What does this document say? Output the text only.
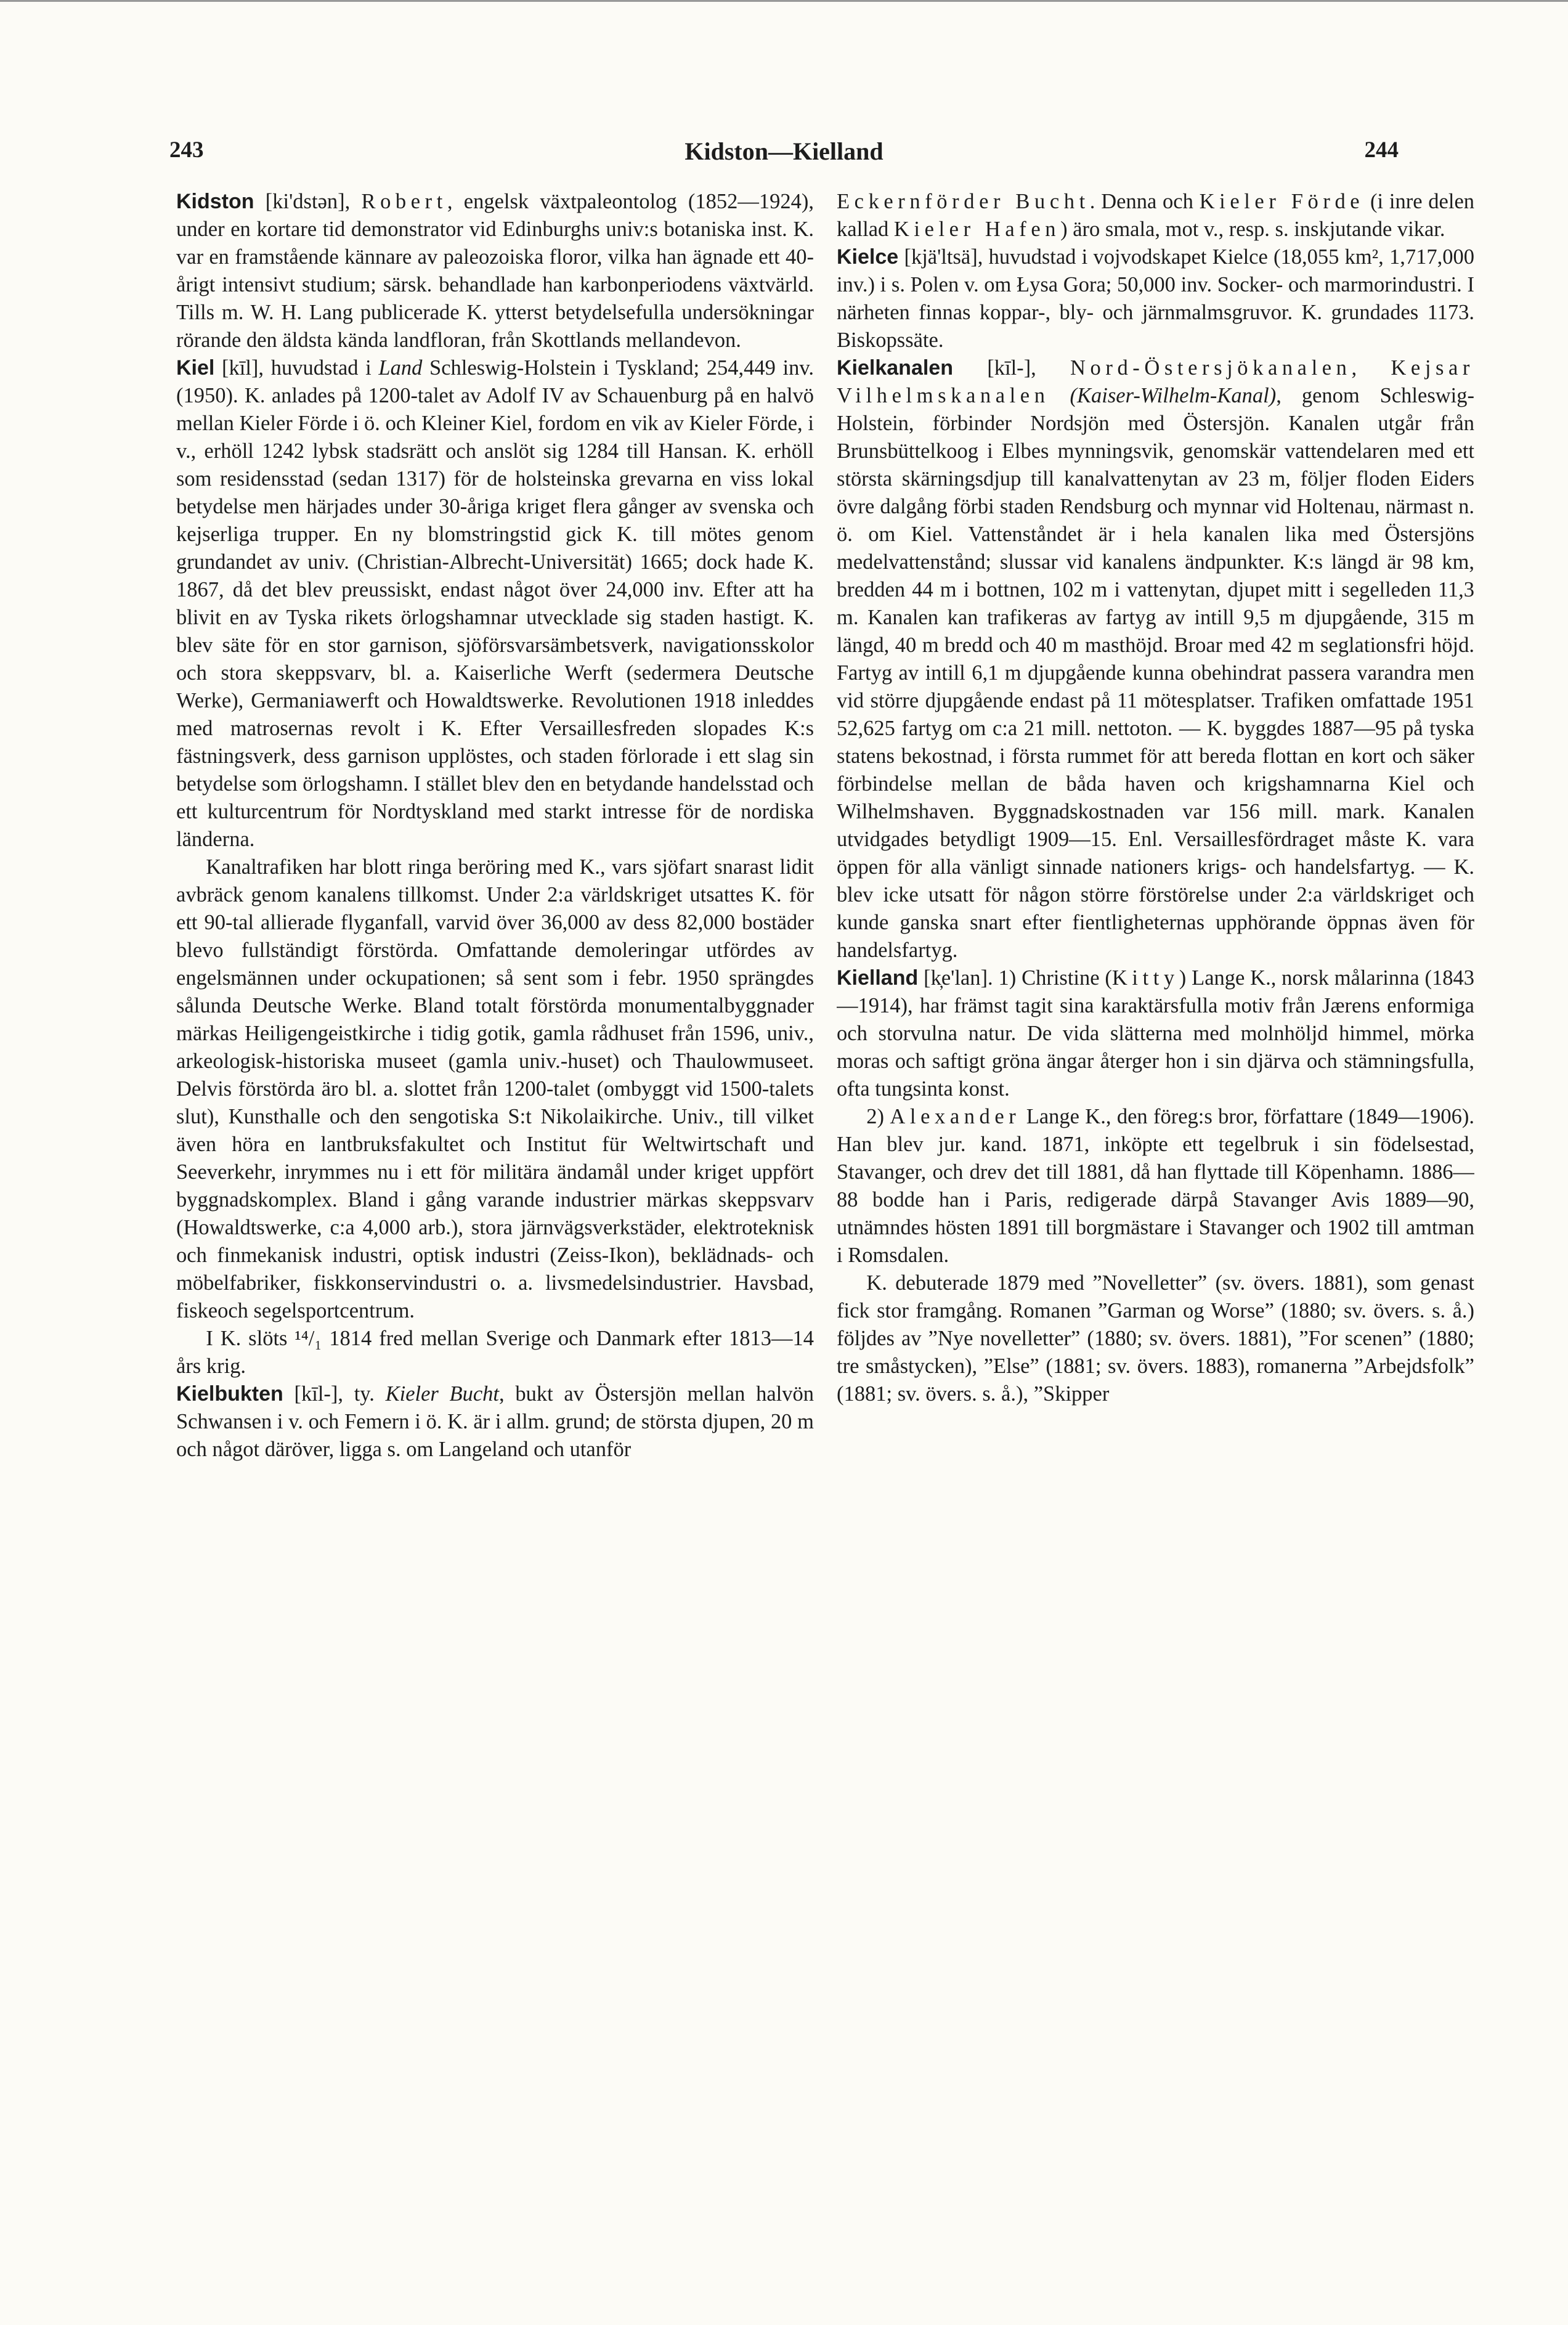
243	Kidston—Kielland	244

Kidston [ki'dstən], Robert, engelsk växtpaleontolog (1852—1924), under en kortare tid demonstrator vid Edinburghs univ:s botaniska inst. K. var en framstående kännare av paleozoiska floror, vilka han ägnade ett 40-årigt intensivt studium; särsk. behandlade han karbonperiodens växtvärld. Tills m. W. H. Lang publicerade K. ytterst betydelsefulla undersökningar rörande den äldsta kända landfloran, från Skottlands mellandevon.

Kiel [kīl], huvudstad i Land Schleswig-Holstein i Tyskland; 254,449 inv. (1950). K. anlades på 1200-talet av Adolf IV av Schauenburg på en halvö mellan Kieler Förde i ö. och Kleiner Kiel, fordom en vik av Kieler Förde, i v., erhöll 1242 lybsk stadsrätt och anslöt sig 1284 till Hansan. K. erhöll som residensstad (sedan 1317) för de holsteinska grevarna en viss lokal betydelse men härjades under 30-åriga kriget flera gånger av svenska och kejserliga trupper. En ny blomstringstid gick K. till mötes genom grundandet av univ. (Christian-Albrecht-Universität) 1665; dock hade K. 1867, då det blev preussiskt, endast något över 24,000 inv. Efter att ha blivit en av Tyska rikets örlogshamnar utvecklade sig staden hastigt. K. blev säte för en stor garnison, sjöförsvarsämbetsverk, navigationsskolor och stora skeppsvarv, bl. a. Kaiserliche Werft (sedermera Deutsche Werke), Germaniawerft och Howaldtswerke. Revolutionen 1918 inleddes med matrosernas revolt i K. Efter Versaillesfreden slopades K:s fästningsverk, dess garnison upplöstes, och staden förlorade i ett slag sin betydelse som örlogshamn. I stället blev den en betydande handelsstad och ett kulturcentrum för Nordtyskland med starkt intresse för de nordiska länderna.

Kanaltrafiken har blott ringa beröring med K., vars sjöfart snarast lidit avbräck genom kanalens tillkomst. Under 2:a världskriget utsattes K. för ett 90-tal allierade flyganfall, varvid över 36,000 av dess 82,000 bostäder blevo fullständigt förstörda. Omfattande demoleringar utfördes av engelsmännen under ockupationen; så sent som i febr. 1950 sprängdes sålunda Deutsche Werke. Bland totalt förstörda monumentalbyggnader märkas Heiligengeistkirche i tidig gotik, gamla rådhuset från 1596, univ., arkeologisk-historiska museet (gamla univ.-huset) och Thaulowmuseet. Delvis förstörda äro bl. a. slottet från 1200-talet (ombyggt vid 1500-talets slut), Kunsthalle och den sengotiska S:t Nikolaikirche. Univ., till vilket även höra en lantbruksfakultet och Institut für Weltwirtschaft und Seeverkehr, inrymmes nu i ett för militära ändamål under kriget uppfört byggnadskomplex. Bland i gång varande industrier märkas skeppsvarv (Howaldtswerke, c:a 4,000 arb.), stora järnvägsverkstäder, elektroteknisk och finmekanisk industri, optisk industri (Zeiss-Ikon), beklädnads- och möbelfabriker, fiskkonservindustri o. a. livsmedelsindustrier. Havsbad, fiskeoch segelsportcentrum.

I K. slöts ¹⁴/₁ 1814 fred mellan Sverige och Danmark efter 1813—14 års krig.

Kielbukten [kīl-], ty. Kieler Bucht, bukt av Östersjön mellan halvön Schwansen i v. och Femern i ö. K. är i allm. grund; de största djupen, 20 m och något däröver, ligga s. om Langeland och utanför

Eckernförder Bucht. Denna och Kieler Förde (i inre delen kallad Kieler Hafen) äro smala, mot v., resp. s. inskjutande vikar.

Kielce [kjä'ltsä], huvudstad i vojvodskapet Kielce (18,055 km², 1,717,000 inv.) i s. Polen v. om Łysa Gora; 50,000 inv. Socker- och marmorindustri. I närheten finnas koppar-, bly- och järnmalmsgruvor. K. grundades 1173. Biskopssäte.

Kielkanalen [kīl-], Nord-Östersjökanalen, Kejsar Vilhelmskanalen (Kaiser-Wilhelm-Kanal), genom Schleswig-Holstein, förbinder Nordsjön med Östersjön. Kanalen utgår från Brunsbüttelkoog i Elbes mynningsvik, genomskär vattendelaren med ett största skärningsdjup till kanalvattenytan av 23 m, följer floden Eiders övre dalgång förbi staden Rendsburg och mynnar vid Holtenau, närmast n. ö. om Kiel. Vattenståndet är i hela kanalen lika med Östersjöns medelvattenstånd; slussar vid kanalens ändpunkter. K:s längd är 98 km, bredden 44 m i bottnen, 102 m i vattenytan, djupet mitt i segelleden 11,3 m. Kanalen kan trafikeras av fartyg av intill 9,5 m djupgående, 315 m längd, 40 m bredd och 40 m masthöjd. Broar med 42 m seglationsfri höjd. Fartyg av intill 6,1 m djupgående kunna obehindrat passera varandra men vid större djupgående endast på 11 mötesplatser. Trafiken omfattade 1951 52,625 fartyg om c:a 21 mill. nettoton. — K. byggdes 1887—95 på tyska statens bekostnad, i första rummet för att bereda flottan en kort och säker förbindelse mellan de båda haven och krigshamnarna Kiel och Wilhelmshaven. Byggnadskostnaden var 156 mill. mark. Kanalen utvidgades betydligt 1909—15. Enl. Versaillesfördraget måste K. vara öppen för alla vänligt sinnade nationers krigs- och handelsfartyg. — K. blev icke utsatt för någon större förstörelse under 2:a världskriget och kunde ganska snart efter fientligheternas upphörande öppnas även för handelsfartyg.

Kielland [k̦e'lan]. 1) Christine (Kitty) Lange K., norsk målarinna (1843—1914), har främst tagit sina karaktärsfulla motiv från Jærens enformiga och storvulna natur. De vida slätterna med molnhöljd himmel, mörka moras och saftigt gröna ängar återger hon i sin djärva och stämningsfulla, ofta tungsinta konst.

2) Alexander Lange K., den föreg:s bror, författare (1849—1906). Han blev jur. kand. 1871, inköpte ett tegelbruk i sin födelsestad, Stavanger, och drev det till 1881, då han flyttade till Köpenhamn. 1886—88 bodde han i Paris, redigerade därpå Stavanger Avis 1889—90, utnämndes hösten 1891 till borgmästare i Stavanger och 1902 till amtman i Romsdalen.

K. debuterade 1879 med ”Novelletter” (sv. övers. 1881), som genast fick stor framgång. Romanen ”Garman og Worse” (1880; sv. övers. s. å.) följdes av ”Nye novelletter” (1880; sv. övers. 1881), ”For scenen” (1880; tre småstycken), ”Else” (1881; sv. övers. 1883), romanerna ”Arbejdsfolk” (1881; sv. övers. s. å.), ”Skipper
